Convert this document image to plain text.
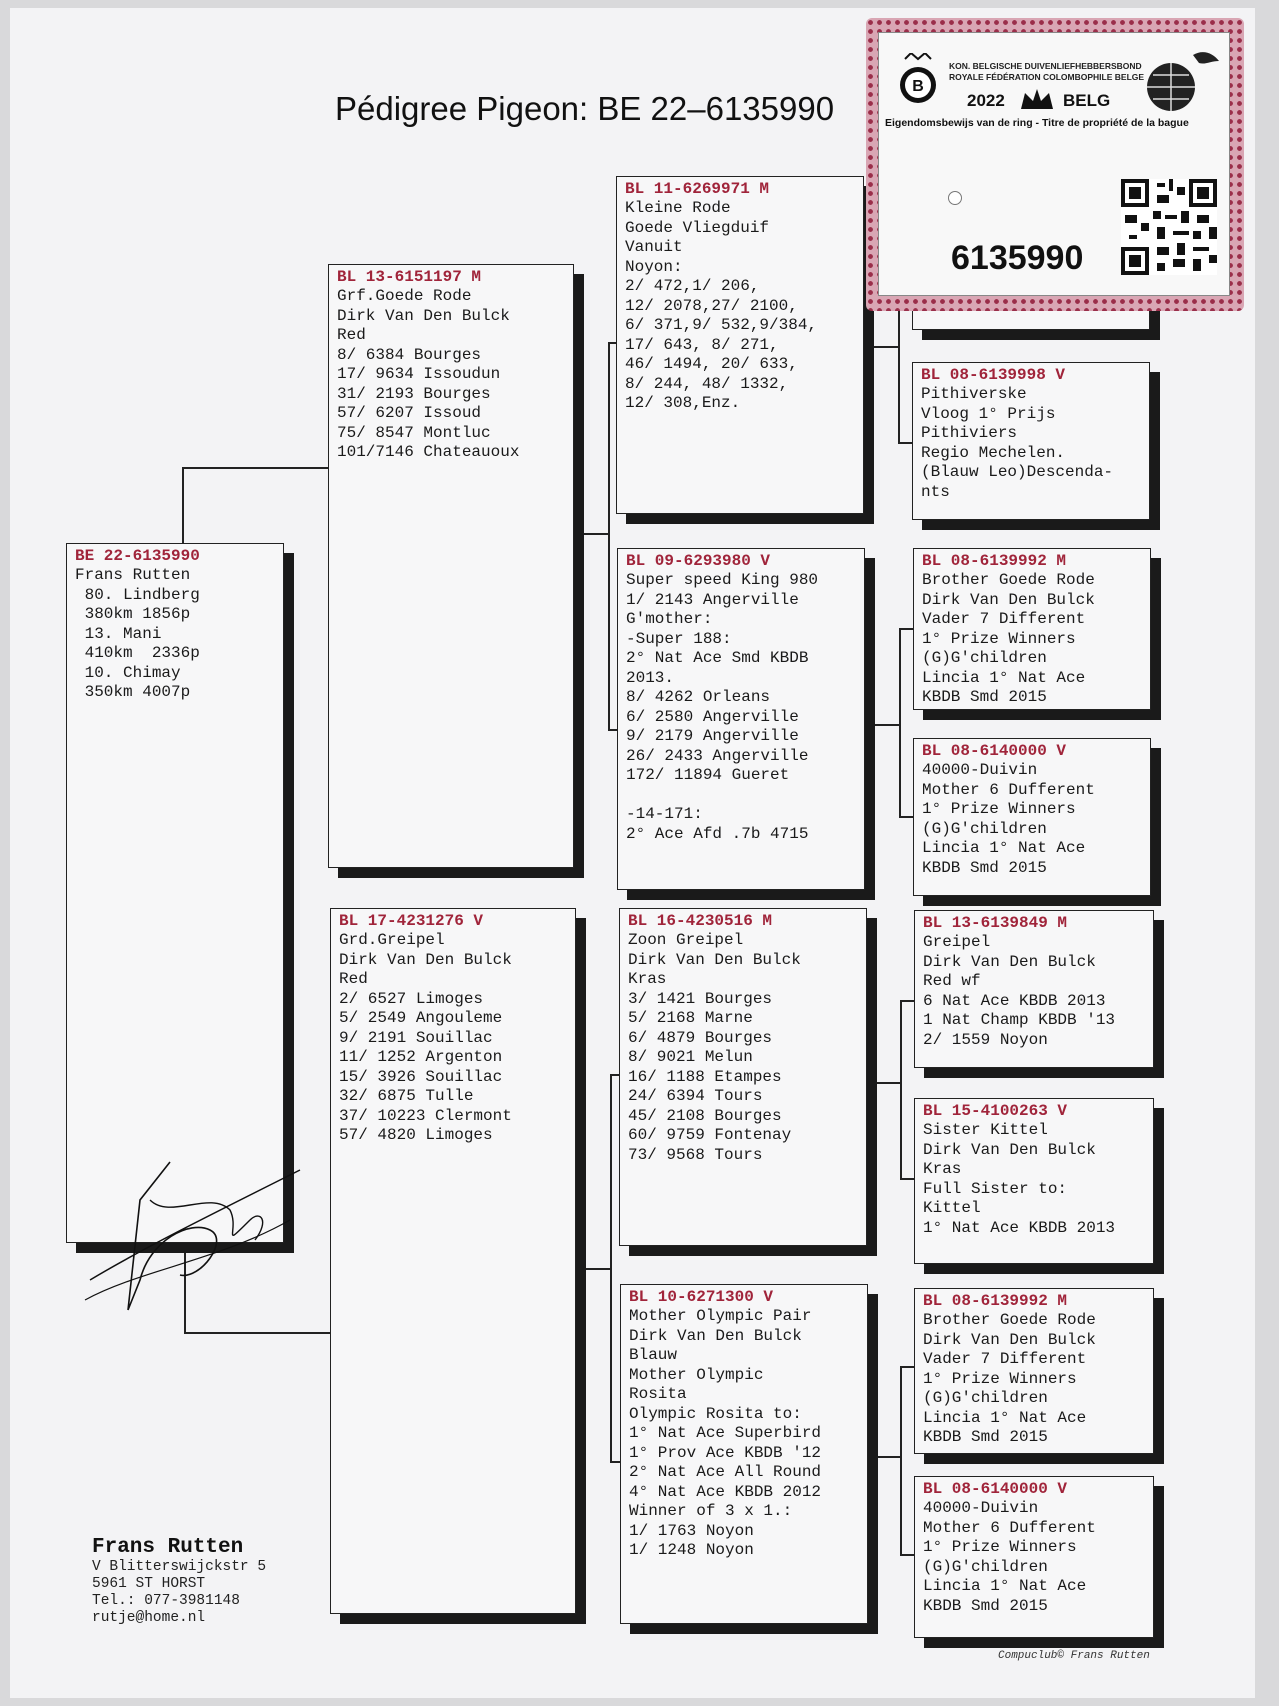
Pédigree Pigeon: BE 22–6135990
BE 22-6135990
Frans Rutten
80. Lindberg
380km 1856p
13. Mani
410km  2336p
10. Chimay
350km 4007p
BL 13-6151197 M
Grf.Goede Rode
Dirk Van Den Bulck
Red
8/ 6384 Bourges
17/ 9634 Issoudun
31/ 2193 Bourges
57/ 6207 Issoud
75/ 8547 Montluc
101/7146 Chateauoux
BL 17-4231276 V
Grd.Greipel
Dirk Van Den Bulck
Red
2/ 6527 Limoges
5/ 2549 Angouleme
9/ 2191 Souillac
11/ 1252 Argenton
15/ 3926 Souillac
32/ 6875 Tulle
37/ 10223 Clermont
57/ 4820 Limoges
BL 11-6269971 M
Kleine Rode
Goede Vliegduif
Vanuit
Noyon:
2/ 472,1/ 206,
12/ 2078,27/ 2100,
6/ 371,9/ 532,9/384,
17/ 643, 8/ 271,
46/ 1494, 20/ 633,
8/ 244, 48/ 1332,
12/ 308,Enz.
BL 09-6293980 V
Super speed King 980
1/ 2143 Angerville
G'mother:
-Super 188:
2° Nat Ace Smd KBDB
2013.
8/ 4262 Orleans
6/ 2580 Angerville
9/ 2179 Angerville
26/ 2433 Angerville
172/ 11894 Gueret

-14-171:
2° Ace Afd .7b 4715
BL 16-4230516 M
Zoon Greipel
Dirk Van Den Bulck
Kras
3/ 1421 Bourges
5/ 2168 Marne
6/ 4879 Bourges
8/ 9021 Melun
16/ 1188 Etampes
24/ 6394 Tours
45/ 2108 Bourges
60/ 9759 Fontenay
73/ 9568 Tours
BL 10-6271300 V
Mother Olympic Pair
Dirk Van Den Bulck
Blauw
Mother Olympic
Rosita
Olympic Rosita to:
1° Nat Ace Superbird
1° Prov Ace KBDB '12
2° Nat Ace All Round
4° Nat Ace KBDB 2012
Winner of 3 x 1.:
1/ 1763 Noyon
1/ 1248 Noyon
BL 08-6139998 V
Pithiverske
Vloog 1° Prijs
Pithiviers
Regio Mechelen.
(Blauw Leo)Descenda-
nts
BL 08-6139992 M
Brother Goede Rode
Dirk Van Den Bulck
Vader 7 Different
1° Prize Winners
(G)G'children
Lincia 1° Nat Ace
KBDB Smd 2015
BL 08-6140000 V
40000-Duivin
Mother 6 Dufferent
1° Prize Winners
(G)G'children
Lincia 1° Nat Ace
KBDB Smd 2015
BL 13-6139849 M
Greipel
Dirk Van Den Bulck
Red wf
6 Nat Ace KBDB 2013
1 Nat Champ KBDB '13
2/ 1559 Noyon
BL 15-4100263 V
Sister Kittel
Dirk Van Den Bulck
Kras
Full Sister to:
Kittel
1° Nat Ace KBDB 2013
BL 08-6139992 M
Brother Goede Rode
Dirk Van Den Bulck
Vader 7 Different
1° Prize Winners
(G)G'children
Lincia 1° Nat Ace
KBDB Smd 2015
BL 08-6140000 V
40000-Duivin
Mother 6 Dufferent
1° Prize Winners
(G)G'children
Lincia 1° Nat Ace
KBDB Smd 2015
Frans Rutten
V Blitterswijckstr 5
5961 ST HORST
Tel.: 077-3981148
rutje@home.nl
Compuclub© Frans Rutten
B
KON. BELGISCHE DUIVENLIEFHEBBERSBOND
ROYALE FÉDÉRATION COLOMBOPHILE BELGE
2022	BELG
Eigendomsbewijs van de ring - Titre de propriété de la bague
6135990
